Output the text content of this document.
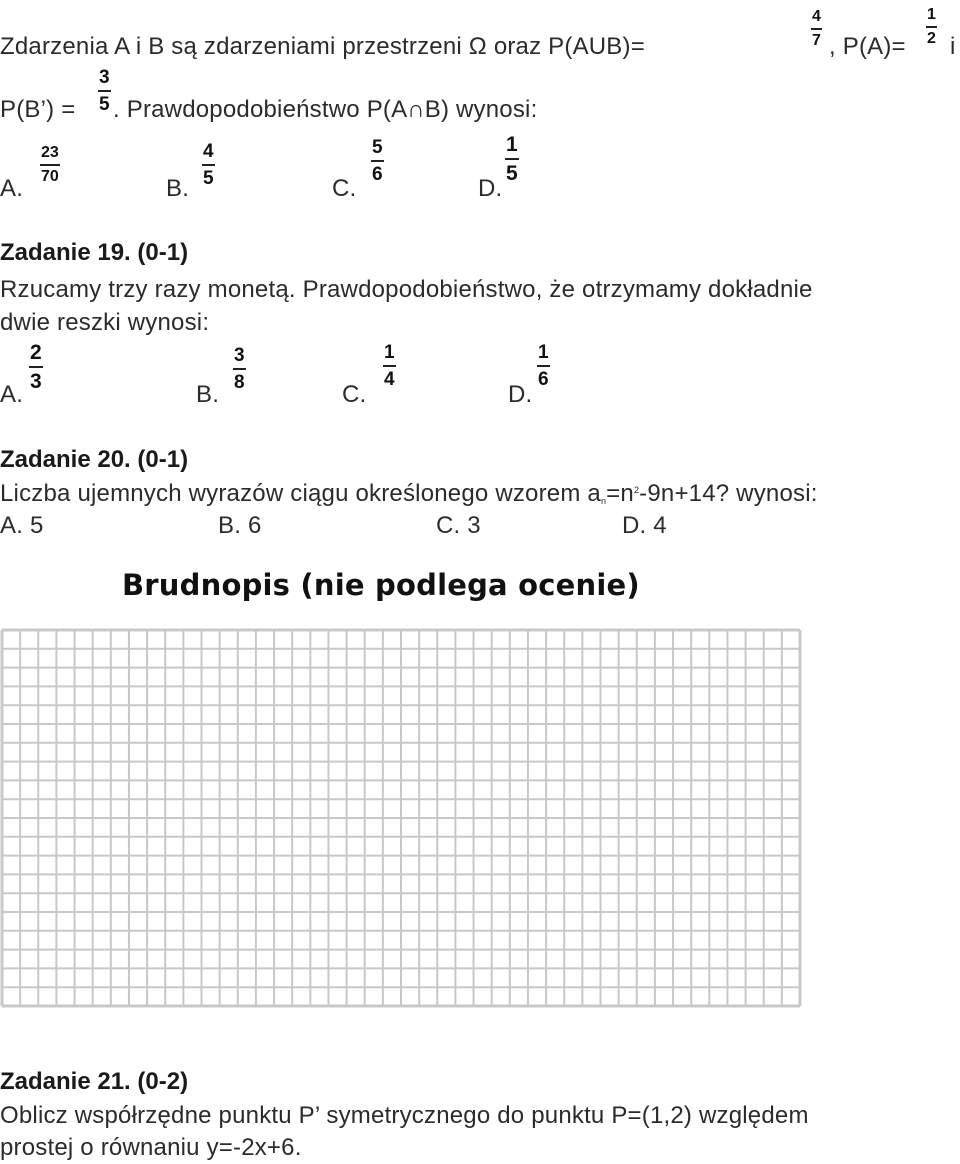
Zdarzenia A i B są zdarzeniami przestrzeni Ω oraz P(AUB)=
4
7 , P(A)=
1
2 i
P(B’) =
3
5 . Prawdopodobieństwo P(A∩B) wynosi:
A.
23
70	B.
4
5	C.
5
6
D.
1
5
Zadanie 19. (0-1)
Rzucamy trzy razy monetą. Prawdopodobieństwo, że otrzymamy dokładnie
dwie reszki wynosi:
A.
2
3	B.
3
8	C.
1
4
D.
1
6
Zadanie 20. (0-1)
Liczba ujemnych wyrazów ciągu określonego wzorem $a_n=n^2-9n+14$? wynosi:
A. 5	B. 6	C. 3	D. 4
Brudnopis (nie podlega ocenie)
Zadanie 21. (0-2)
Oblicz współrzędne punktu P’ symetrycznego do punktu P=(1,2) względem
prostej o równaniu y=-2x+6.
